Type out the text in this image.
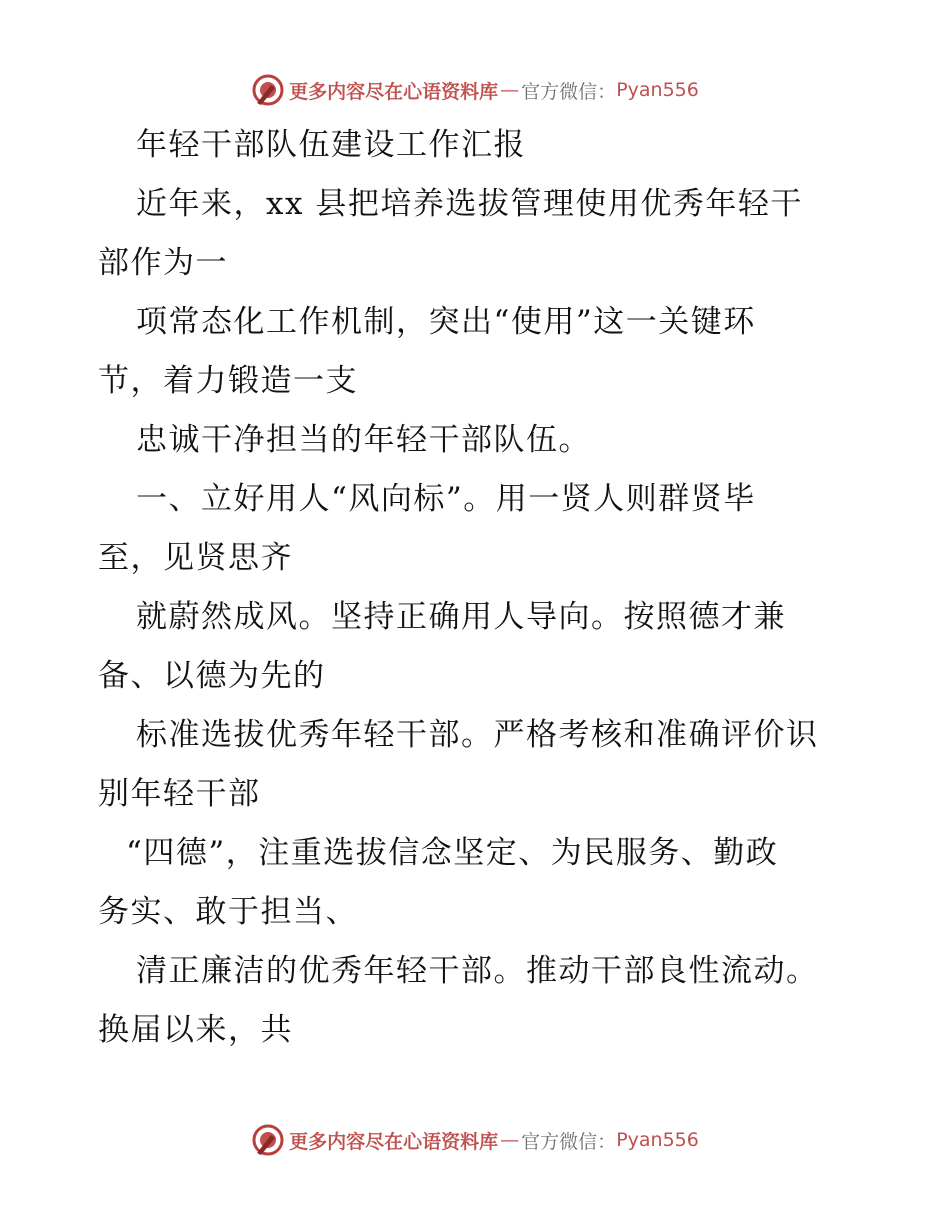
更多内容尽在心语资料库 — 官方微信： Pyan556
年轻干部队伍建设工作汇报
近年来，xx 县把培养选拔管理使用优秀年轻干
部作为一
项常态化工作机制，突出“使用”这一关键环
节，着力锻造一支
忠诚干净担当的年轻干部队伍。
一、立好用人“风向标”。用一贤人则群贤毕
至，见贤思齐
就蔚然成风。坚持正确用人导向。按照德才兼
备、以德为先的
标准选拔优秀年轻干部。严格考核和准确评价识
别年轻干部
“四德”，注重选拔信念坚定、为民服务、勤政
务实、敢于担当、
清正廉洁的优秀年轻干部。推动干部良性流动。
换届以来，共
更多内容尽在心语资料库 — 官方微信： Pyan556
